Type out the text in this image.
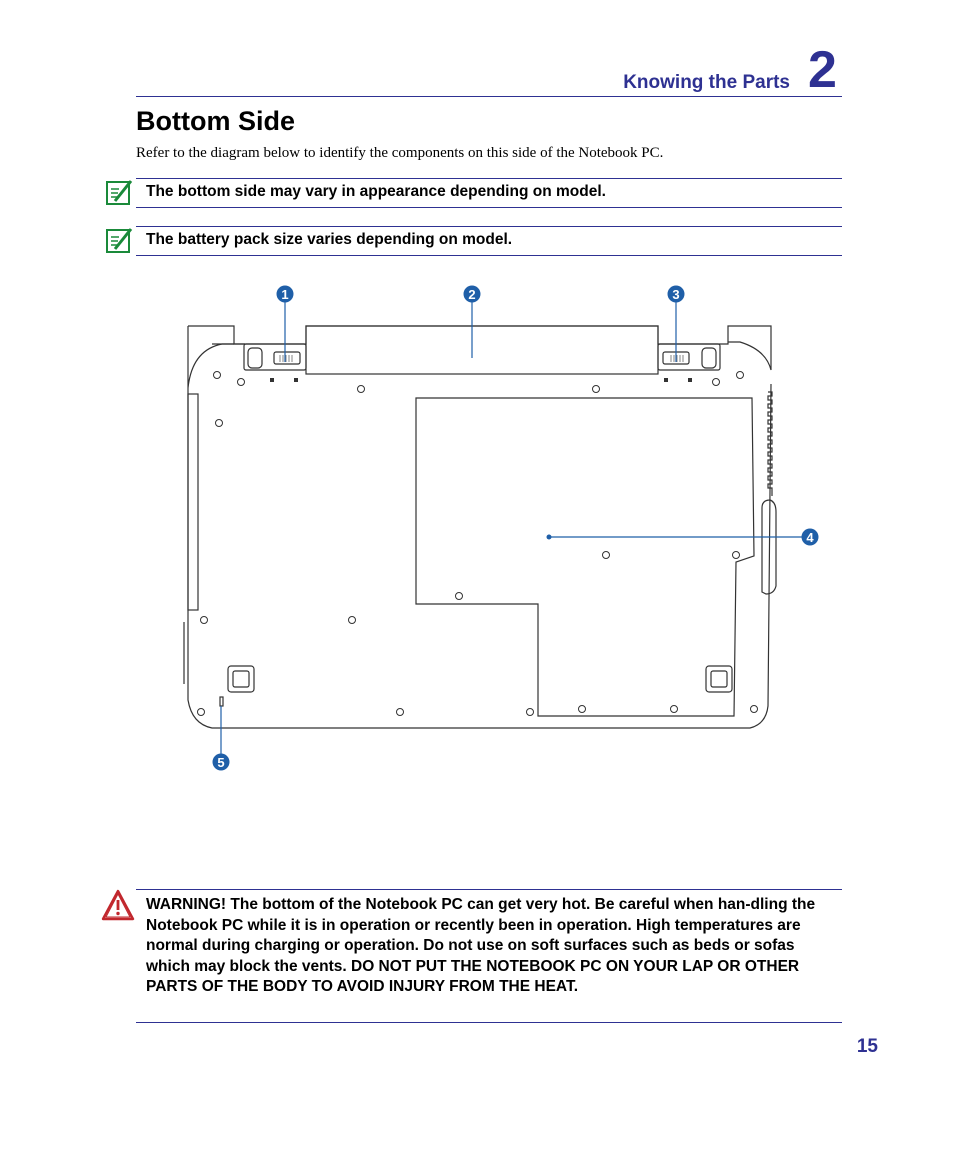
Knowing the Parts 2
Bottom Side
Refer to the diagram below to identify the components on this side of the Notebook PC.
The bottom side may vary in appearance depending on model.
The battery pack size varies depending on model.
1	2	3
4
5
WARNING! The bottom of the Notebook PC can get very hot. Be careful when han-dling the Notebook PC while it is in operation or recently been in operation. High temperatures are normal during charging or operation. Do not use on soft surfaces such as beds or sofas which may block the vents. DO NOT PUT THE NOTEBOOK PC ON YOUR LAP OR OTHER PARTS OF THE BODY TO AVOID INJURY FROM THE HEAT.
15
